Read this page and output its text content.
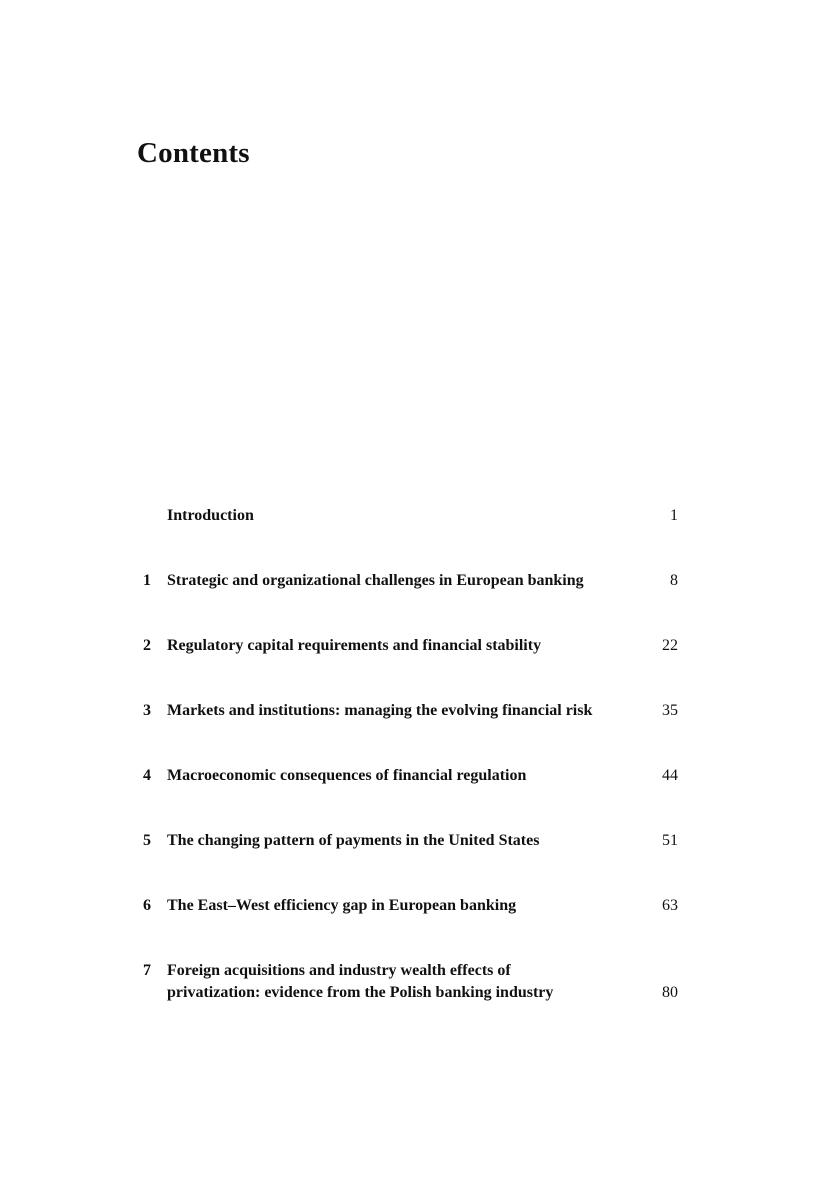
Contents
Introduction	1
1	Strategic and organizational challenges in European banking	8
2	Regulatory capital requirements and financial stability	22
3	Markets and institutions: managing the evolving financial risk	35
4	Macroeconomic consequences of financial regulation	44
5	The changing pattern of payments in the United States	51
6	The East–West efficiency gap in European banking	63
7	Foreign acquisitions and industry wealth effects of
privatization: evidence from the Polish banking industry	80
